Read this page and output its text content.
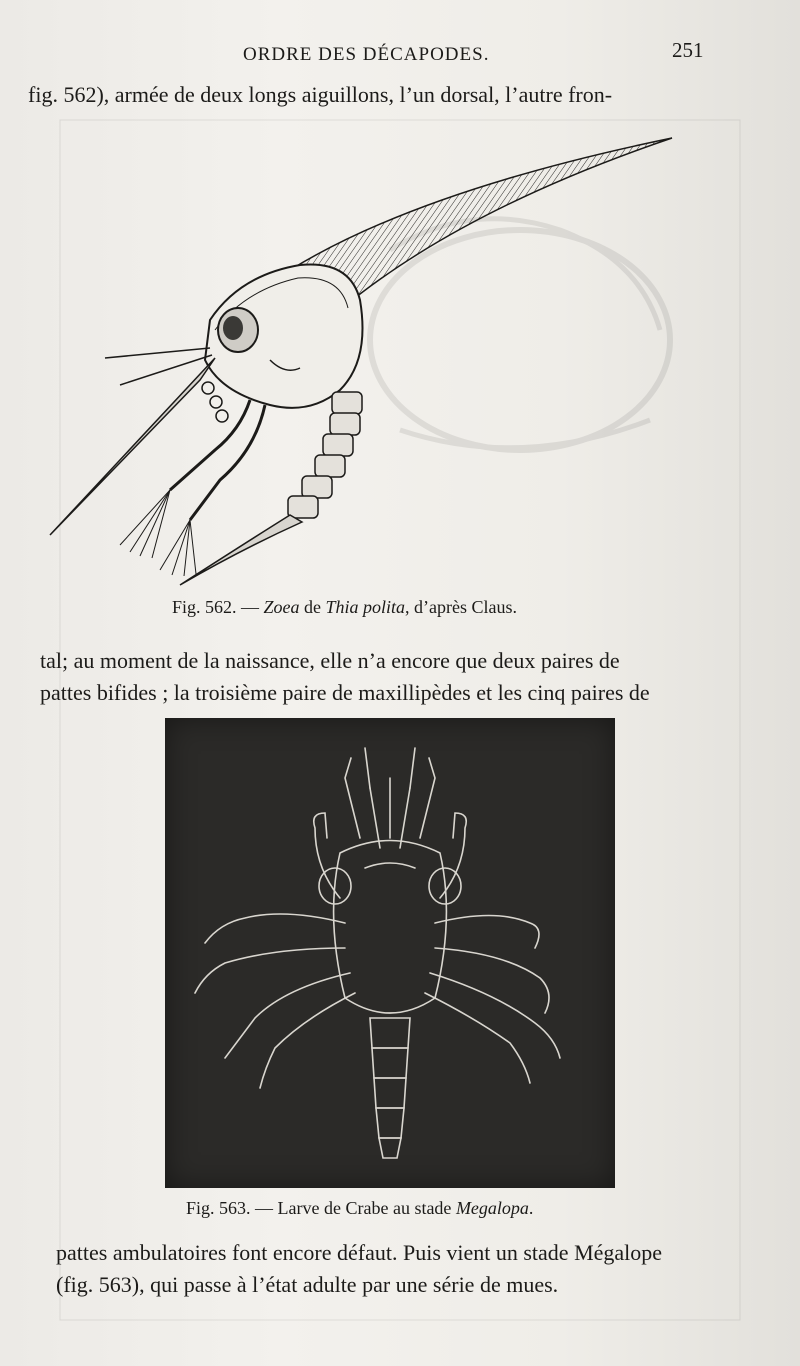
ORDRE DES DÉCAPODES.	251
fig. 562), armée de deux longs aiguillons, l’un dorsal, l’autre fron-
Fig. 562. — Zoea de Thia polita, d’après Claus.
tal; au moment de la naissance, elle n’a encore que deux paires de
pattes bifides ; la troisième paire de maxillipèdes et les cinq paires de
Fig. 563. — Larve de Crabe au stade Megalopa.
pattes ambulatoires font encore défaut. Puis vient un stade Mégalope
(fig. 563), qui passe à l’état adulte par une série de mues.
